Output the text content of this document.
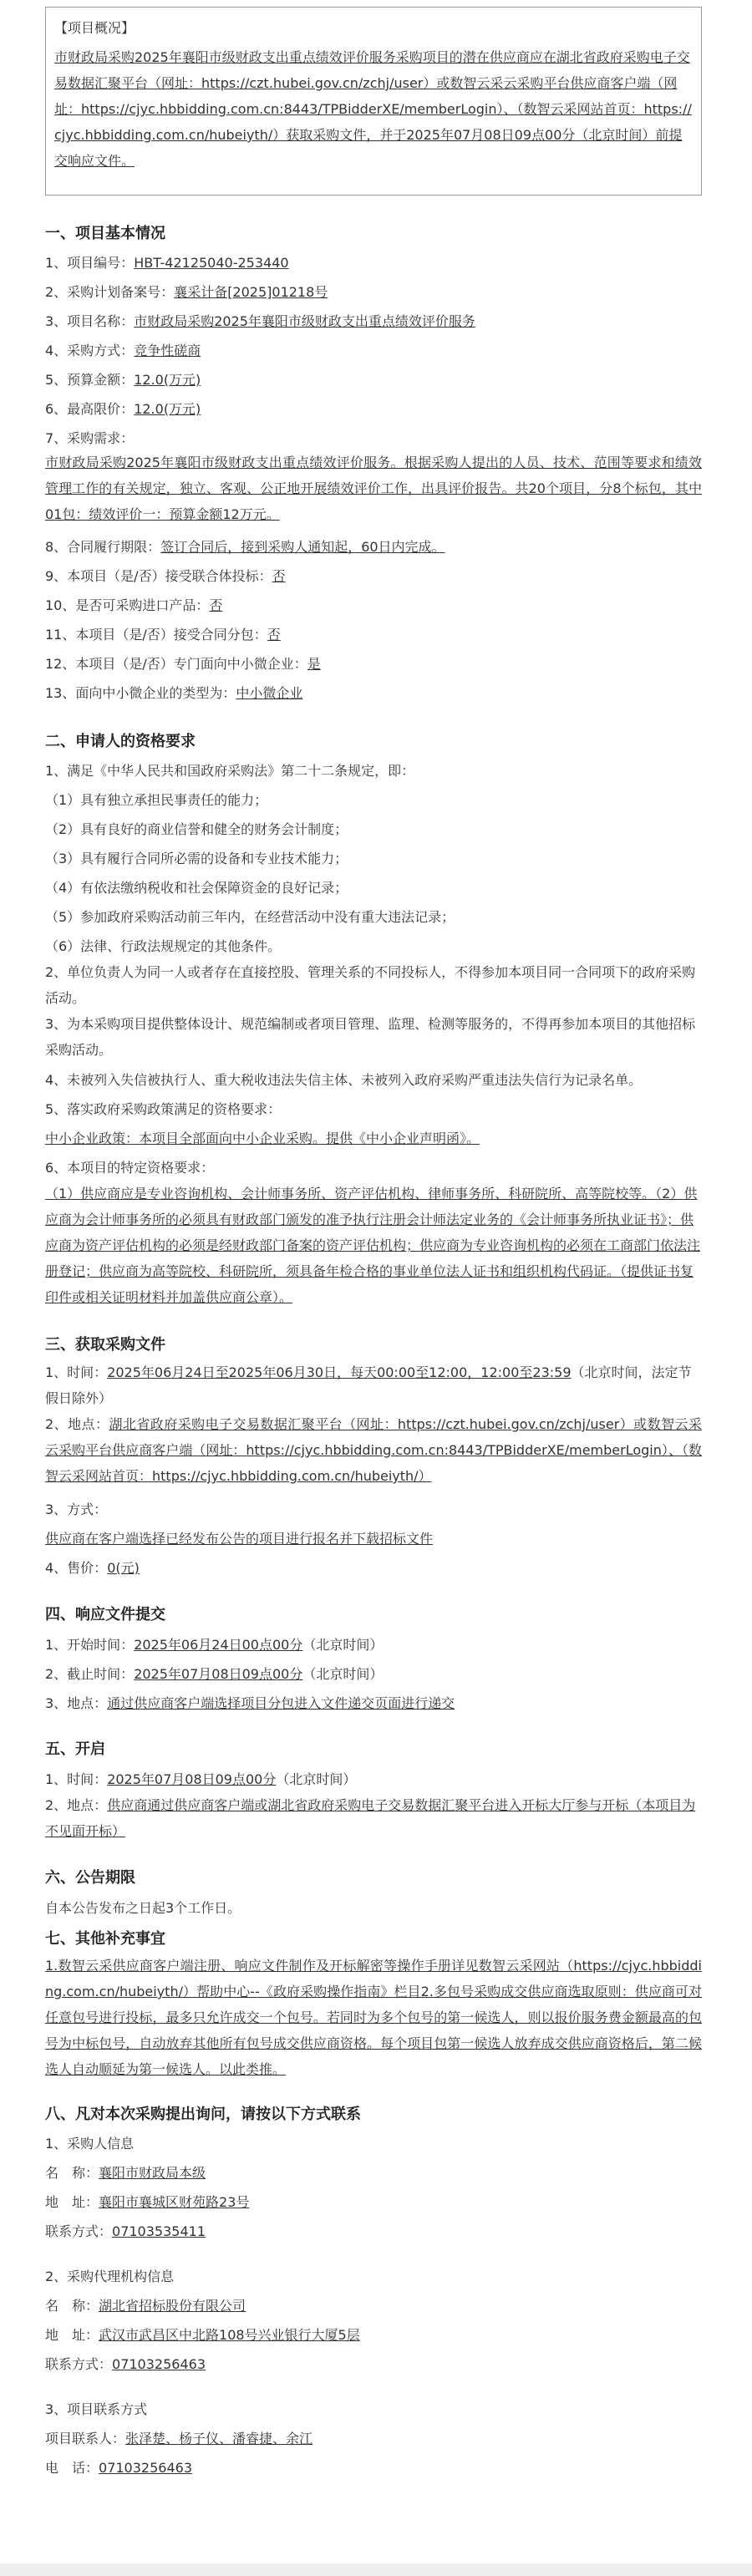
【项目概况】
市财政局采购2025年襄阳市级财政支出重点绩效评价服务采购项目的潜在供应商应在湖北省政府采购电子交易数据汇聚平台（网址：https://czt.hubei.gov.cn/zchj/user）或数智云采云采购平台供应商客户端（网址：https://cjyc.hbbidding.com.cn:8443/TPBidderXE/memberLogin）、（数智云采网站首页：https://cjyc.hbbidding.com.cn/hubeiyth/）获取采购文件，并于2025年07月08日09点00分（北京时间）前提交响应文件。
一、项目基本情况
1、项目编号：HBT-42125040-253440
2、采购计划备案号：襄采计备[2025]01218号
3、项目名称：市财政局采购2025年襄阳市级财政支出重点绩效评价服务
4、采购方式：竞争性磋商
5、预算金额：12.0(万元)
6、最高限价：12.0(万元)
7、采购需求：
市财政局采购2025年襄阳市级财政支出重点绩效评价服务。根据采购人提出的人员、技术、范围等要求和绩效管理工作的有关规定，独立、客观、公正地开展绩效评价工作，出具评价报告。共20个项目，分8个标包，其中01包：绩效评价一：预算金额12万元。
8、合同履行期限：签订合同后，接到采购人通知起，60日内完成。
9、本项目（是/否）接受联合体投标：否
10、是否可采购进口产品：否
11、本项目（是/否）接受合同分包：否
12、本项目（是/否）专门面向中小微企业：是
13、面向中小微企业的类型为：中小微企业
二、申请人的资格要求
1、满足《中华人民共和国政府采购法》第二十二条规定，即：
（1）具有独立承担民事责任的能力；
（2）具有良好的商业信誉和健全的财务会计制度；
（3）具有履行合同所必需的设备和专业技术能力；
（4）有依法缴纳税收和社会保障资金的良好记录；
（5）参加政府采购活动前三年内，在经营活动中没有重大违法记录；
（6）法律、行政法规规定的其他条件。
2、单位负责人为同一人或者存在直接控股、管理关系的不同投标人，不得参加本项目同一合同项下的政府采购活动。
3、为本采购项目提供整体设计、规范编制或者项目管理、监理、检测等服务的，不得再参加本项目的其他招标采购活动。
4、未被列入失信被执行人、重大税收违法失信主体、未被列入政府采购严重违法失信行为记录名单。
5、落实政府采购政策满足的资格要求：
中小企业政策：本项目全部面向中小企业采购。提供《中小企业声明函》。
6、本项目的特定资格要求：
（1）供应商应是专业咨询机构、会计师事务所、资产评估机构、律师事务所、科研院所、高等院校等。（2）供应商为会计师事务所的必须具有财政部门颁发的准予执行注册会计师法定业务的《会计师事务所执业证书》；供应商为资产评估机构的必须是经财政部门备案的资产评估机构；供应商为专业咨询机构的必须在工商部门依法注册登记；供应商为高等院校、科研院所，须具备年检合格的事业单位法人证书和组织机构代码证。（提供证书复印件或相关证明材料并加盖供应商公章）。
三、获取采购文件
1、时间：2025年06月24日至2025年06月30日，每天00:00至12:00，12:00至23:59（北京时间，法定节假日除外）
2、地点：湖北省政府采购电子交易数据汇聚平台（网址：https://czt.hubei.gov.cn/zchj/user）或数智云采云采购平台供应商客户端（网址：https://cjyc.hbbidding.com.cn:8443/TPBidderXE/memberLogin）、（数智云采网站首页：https://cjyc.hbbidding.com.cn/hubeiyth/）
3、方式：
供应商在客户端选择已经发布公告的项目进行报名并下载招标文件
4、售价：0(元)
四、响应文件提交
1、开始时间：2025年06月24日00点00分（北京时间）
2、截止时间：2025年07月08日09点00分（北京时间）
3、地点：通过供应商客户端选择项目分包进入文件递交页面进行递交
五、开启
1、时间：2025年07月08日09点00分（北京时间）
2、地点：供应商通过供应商客户端或湖北省政府采购电子交易数据汇聚平台进入开标大厅参与开标（本项目为不见面开标）
六、公告期限
自本公告发布之日起3个工作日。
七、其他补充事宜
1.数智云采供应商客户端注册、响应文件制作及开标解密等操作手册详见数智云采网站（https://cjyc.hbbidding.com.cn/hubeiyth/）帮助中心--《政府采购操作指南》栏目2.多包号采购成交供应商选取原则：供应商可对任意包号进行投标，最多只允许成交一个包号。若同时为多个包号的第一候选人，则以报价服务费金额最高的包号为中标包号，自动放弃其他所有包号成交供应商资格。每个项目包第一候选人放弃成交供应商资格后，第二候选人自动顺延为第一候选人。以此类推。
八、凡对本次采购提出询问，请按以下方式联系
1、采购人信息
名　称：襄阳市财政局本级
地　址：襄阳市襄城区财苑路23号
联系方式：07103535411
2、采购代理机构信息
名　称：湖北省招标股份有限公司
地　址：武汉市武昌区中北路108号兴业银行大厦5层
联系方式：07103256463
3、项目联系方式
项目联系人：张泽楚、杨子仪、潘睿捷、余江
电　话：07103256463
